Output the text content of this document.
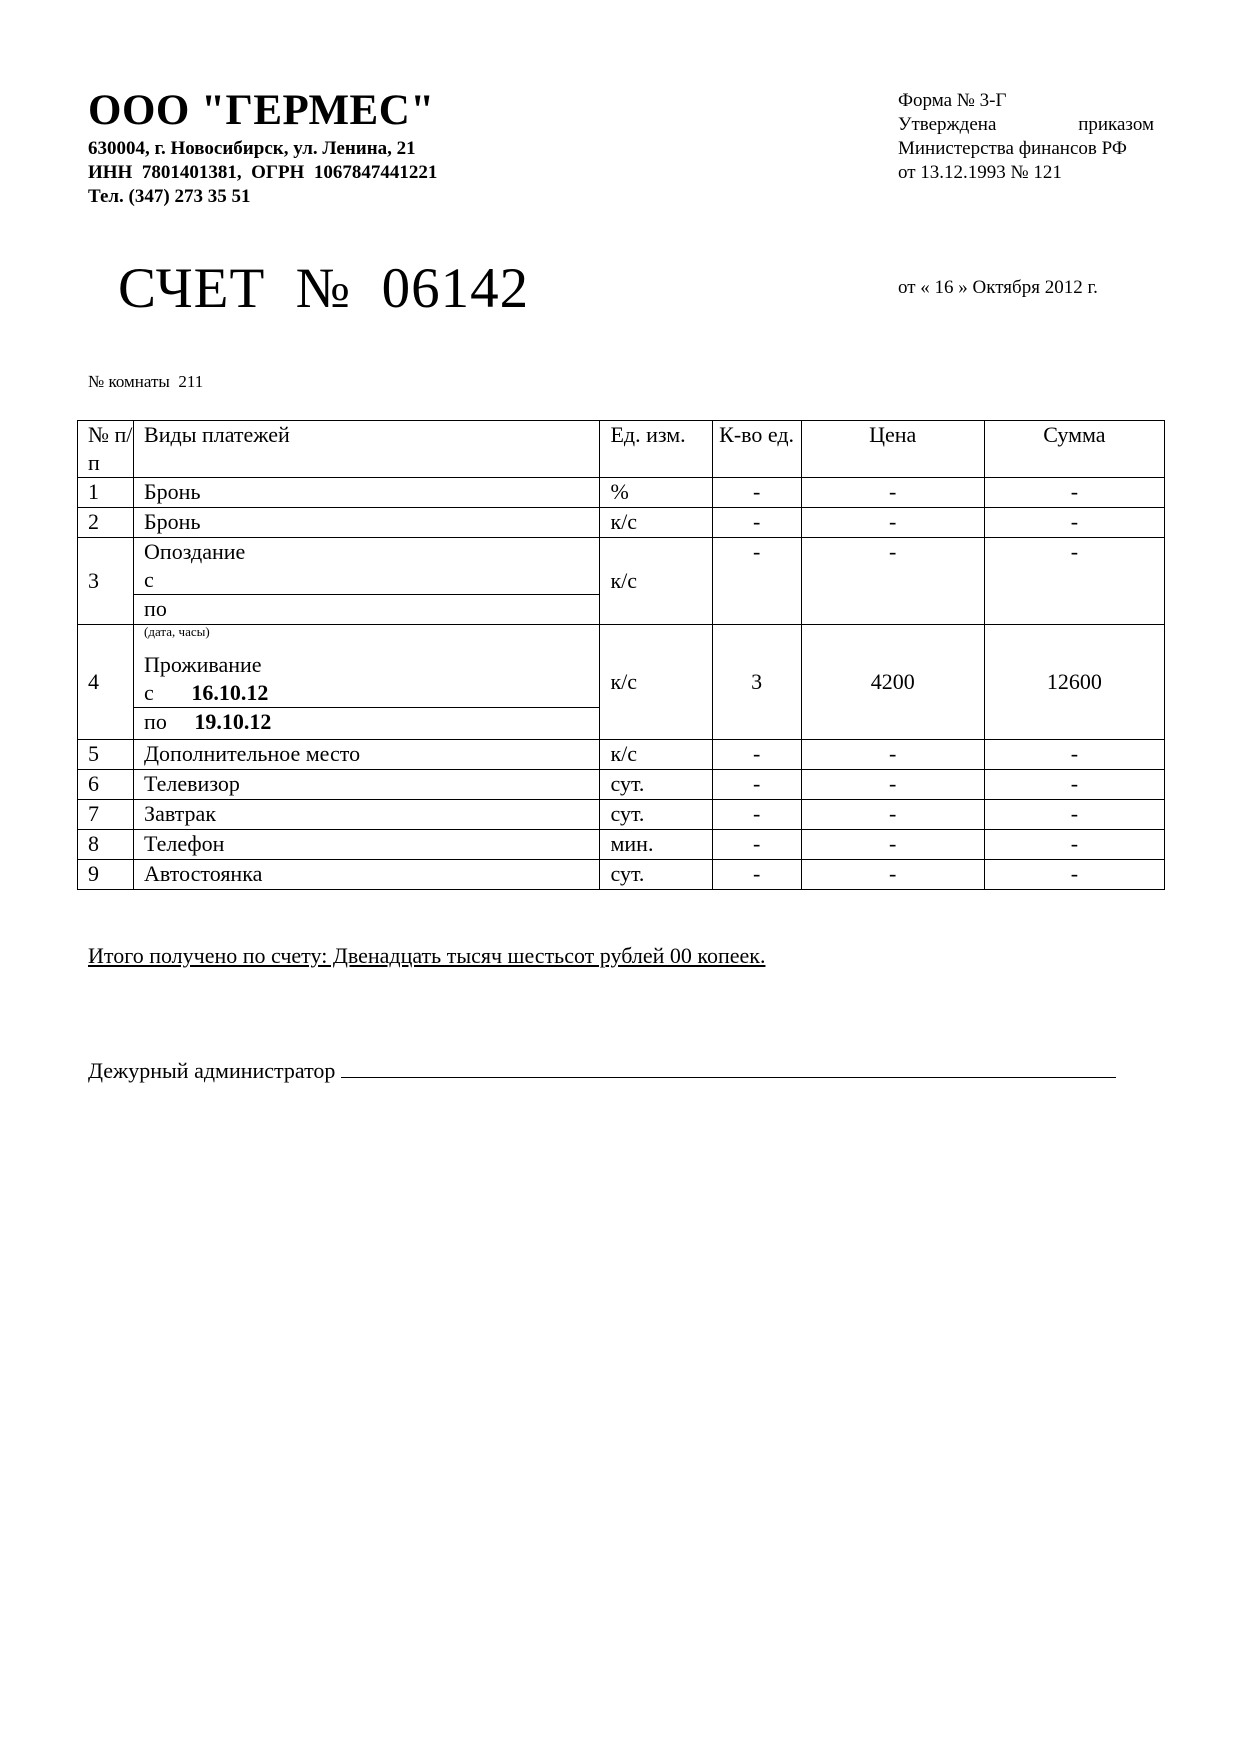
ООО "ГЕРМЕС"
630004, г. Новосибирск, ул. Ленина, 21
ИНН  7801401381,  ОГРН  1067847441221
Тел. (347) 273 35 51
Форма № 3-Г
Утверждена	приказом
Министерства финансов РФ
от 13.12.1993 № 121
СЧЕТ  №  06142	от « 16 » Октября 2012 г.
№ комнаты  211
№ п/п	Виды платежей	Ед. изм.	К-во ед.	Цена	Сумма
1	Бронь	%	-	-	-
2	Бронь	к/с	-	-	-
3	Опоздание
с
по	к/с	-	-	-
4	(дата, часы)
Проживание
с 16.10.12
по 19.10.12	к/с	3	4200	12600
5	Дополнительное место	к/с	-	-	-
6	Телевизор	сут.	-	-	-
7	Завтрак	сут.	-	-	-
8	Телефон	мин.	-	-	-
9	Автостоянка	сут.	-	-	-
Итого получено по счету: Двенадцать тысяч шестьсот рублей 00 копеек.
Дежурный администратор
